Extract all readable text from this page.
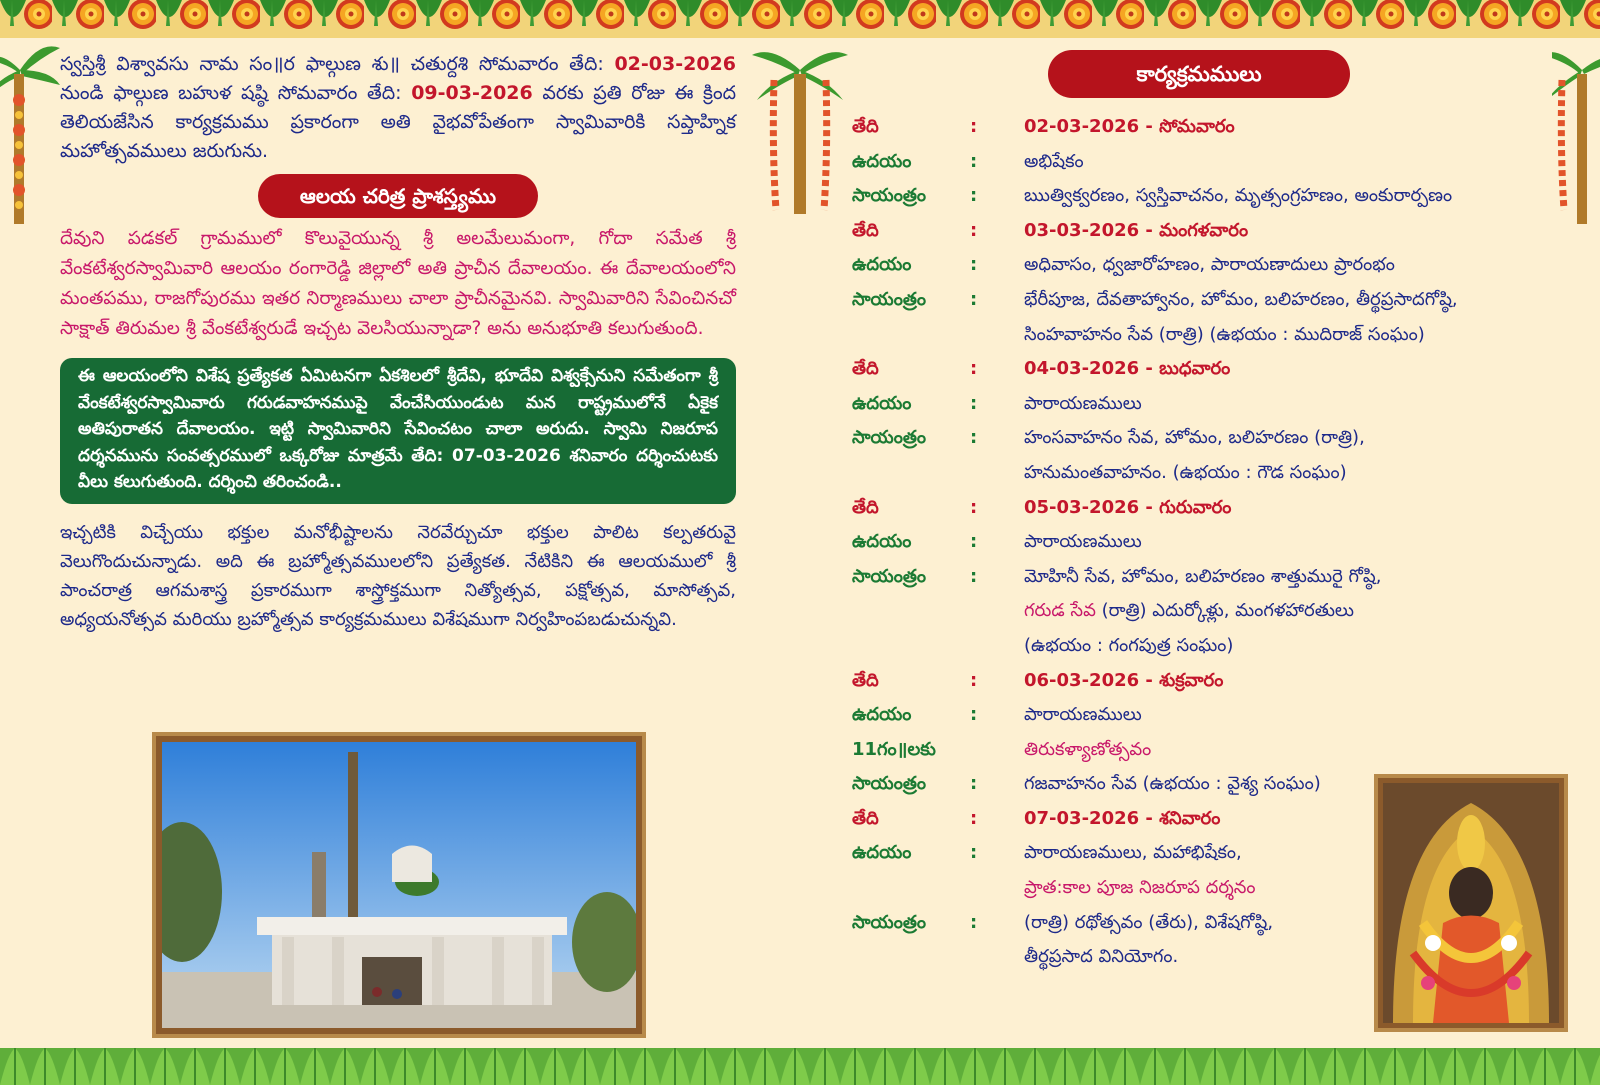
స్వస్తిశ్రీ విశ్వావసు నామ సం॥ర ఫాల్గుణ శు॥ చతుర్దశి సోమవారం తేది: 02-03-2026 నుండి ఫాల్గుణ బహుళ షష్ఠి సోమవారం తేది: 09-03-2026 వరకు ప్రతి రోజు ఈ క్రింద తెలియజేసిన కార్యక్రమము ప్రకారంగా అతి వైభవోపేతంగా స్వామివారికి సప్తాహ్నిక మహోత్సవములు జరుగును.

ఆలయ చరిత్ర ప్రాశస్త్యము

దేవుని పడకల్ గ్రామములో కొలువైయున్న శ్రీ అలమేలుమంగా, గోదా సమేత శ్రీ వేంకటేశ్వరస్వామివారి ఆలయం రంగారెడ్డి జిల్లాలో అతి ప్రాచీన దేవాలయం. ఈ దేవాలయంలోని మంతపము, రాజగోపురము ఇతర నిర్మాణములు చాలా ప్రాచీనమైనవి. స్వామివారిని సేవించినచో సాక్షాత్ తిరుమల శ్రీ వేంకటేశ్వరుడే ఇచ్చట వెలసియున్నాడా? అను అనుభూతి కలుగుతుంది.

ఈ ఆలయంలోని విశేష ప్రత్యేకత ఏమిటనగా ఏకశిలలో శ్రీదేవి, భూదేవి విశ్వక్సేనుని సమేతంగా శ్రీ వేంకటేశ్వరస్వామివారు గరుడవాహనముపై వేంచేసియుండుట మన రాష్ట్రములోనే ఏకైక అతిపురాతన దేవాలయం. ఇట్టి స్వామివారిని సేవించటం చాలా అరుదు. స్వామి నిజరూప దర్శనమును సంవత్సరములో ఒక్కరోజు మాత్రమే తేది: 07-03-2026 శనివారం దర్శించుటకు వీలు కలుగుతుంది. దర్శించి తరించండి..

ఇచ్చటికి విచ్చేయు భక్తుల మనోభీష్టాలను నెరవేర్చుచూ భక్తుల పాలిట కల్పతరువై వెలుగొందుచున్నాడు. అది ఈ బ్రహ్మోత్సవములలోని ప్రత్యేకత. నేటికిని ఈ ఆలయములో శ్రీ పాంచరాత్ర ఆగమశాస్త్ర ప్రకారముగా శాస్త్రోక్తముగా నిత్యోత్సవ, పక్షోత్సవ, మాసోత్సవ, అధ్యయనోత్సవ మరియు బ్రహ్మోత్సవ కార్యక్రమములు విశేషముగా నిర్వహింపబడుచున్నవి.

కార్యక్రమములు
తేది	:	02-03-2026 - సోమవారం
ఉదయం	:	అభిషేకం
సాయంత్రం	:	ఋత్విక్వరణం, స్వస్తివాచనం, మృత్సంగ్రహణం, అంకురార్పణం
తేది	:	03-03-2026 - మంగళవారం
ఉదయం	:	అధివాసం, ధ్వజారోహణం, పారాయణాదులు ప్రారంభం
సాయంత్రం	:	భేరీపూజ, దేవతాహ్వానం, హోమం, బలిహరణం, తీర్థప్రసాదగోష్ఠి,
సింహవాహనం సేవ (రాత్రి) (ఉభయం : ముదిరాజ్ సంఘం)
తేది	:	04-03-2026 - బుధవారం
ఉదయం	:	పారాయణములు
సాయంత్రం	:	హంసవాహనం సేవ, హోమం, బలిహరణం (రాత్రి),
హనుమంతవాహనం. (ఉభయం : గౌడ సంఘం)
తేది	:	05-03-2026 - గురువారం
ఉదయం	:	పారాయణములు
సాయంత్రం	:	మోహినీ సేవ, హోమం, బలిహరణం శాత్తుమురై గోష్ఠి,
గరుడ సేవ (రాత్రి) ఎదుర్కోళ్లు, మంగళహారతులు
(ఉభయం : గంగపుత్ర సంఘం)
తేది	:	06-03-2026 - శుక్రవారం
ఉదయం	:	పారాయణములు
11గం॥లకు	తిరుకళ్యాణోత్సవం
సాయంత్రం	:	గజవాహనం సేవ (ఉభయం : వైశ్య సంఘం)
తేది	:	07-03-2026 - శనివారం
ఉదయం	:	పారాయణములు, మహాభిషేకం,
ప్రాత:కాల పూజ నిజరూప దర్శనం
సాయంత్రం	:	(రాత్రి) రథోత్సవం (తేరు), విశేషగోష్ఠి,
తీర్థప్రసాద వినియోగం.
